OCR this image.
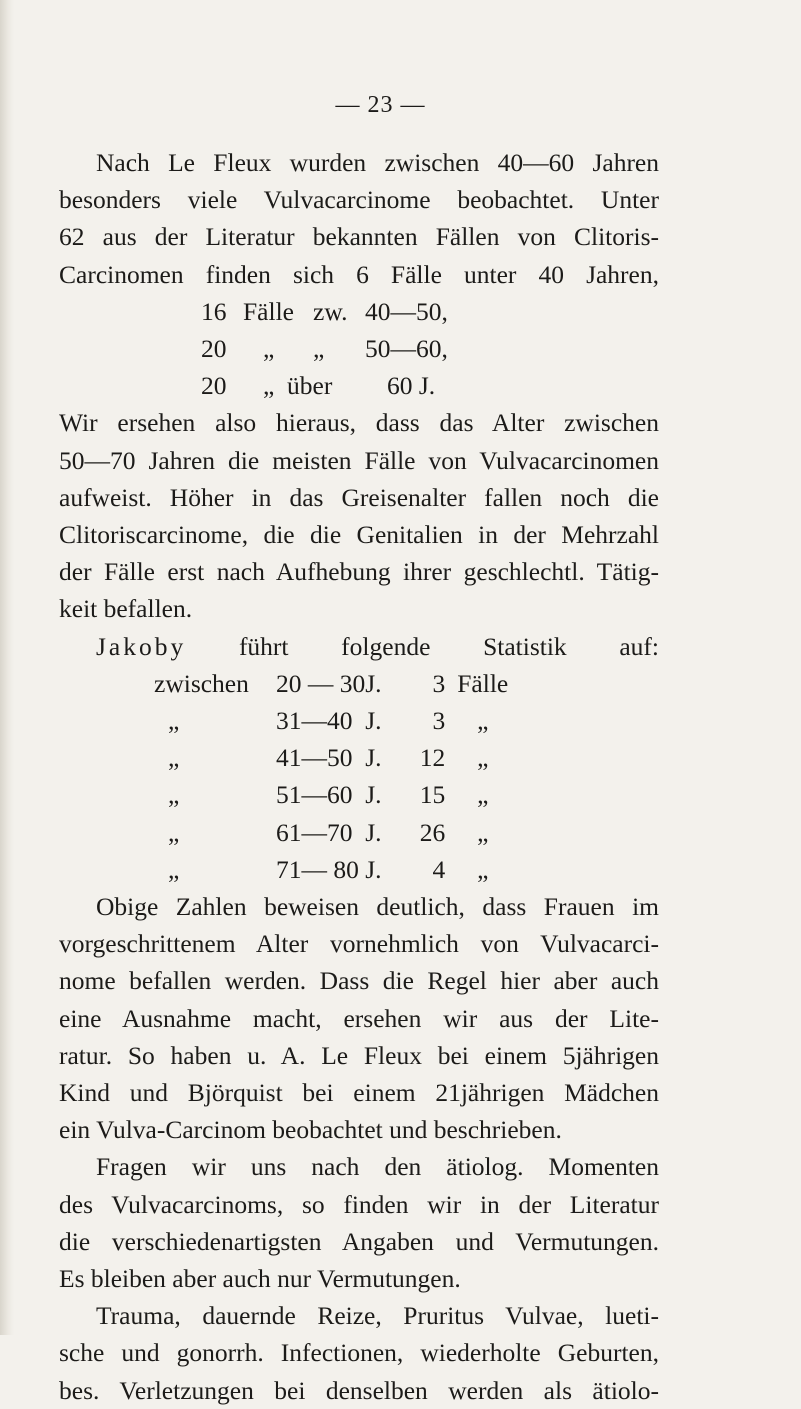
— 23 —

Nach Le Fleux wurden zwischen 40—60 Jahren
besonders viele Vulvacarcinome beobachtet. Unter
62 aus der Literatur bekannten Fällen von Clitoris-
Carcinomen finden sich 6 Fälle unter 40 Jahren,

16 Fälle zw. 40—50,
20	„	„	50—60,
20	„ über	60 J.

Wir ersehen also hieraus, dass das Alter zwischen
50—70 Jahren die meisten Fälle von Vulvacarcinomen
aufweist. Höher in das Greisenalter fallen noch die
Clitoriscarcinome, die die Genitalien in der Mehrzahl
der Fälle erst nach Aufhebung ihrer geschlechtl. Tätig-
keit befallen.

Jakoby führt folgende Statistik auf:

zwischen	20 — 30	J.	3	Fälle
„	31—40	J.	3	„
„	41—50	J.	12	„
„	51—60	J.	15	„
„	61—70	J.	26	„
„	71— 80	J.	4	„

Obige Zahlen beweisen deutlich, dass Frauen im
vorgeschrittenem Alter vornehmlich von Vulvacarci-
nome befallen werden. Dass die Regel hier aber auch
eine Ausnahme macht, ersehen wir aus der Lite-
ratur. So haben u. A. Le Fleux bei einem 5jährigen
Kind und Björquist bei einem 21jährigen Mädchen
ein Vulva-Carcinom beobachtet und beschrieben.

Fragen wir uns nach den ätiolog. Momenten
des Vulvacarcinoms, so finden wir in der Literatur
die verschiedenartigsten Angaben und Vermutungen.
Es bleiben aber auch nur Vermutungen.

Trauma, dauernde Reize, Pruritus Vulvae, lueti-
sche und gonorrh. Infectionen, wiederholte Geburten,
bes. Verletzungen bei denselben werden als ätiolo-
